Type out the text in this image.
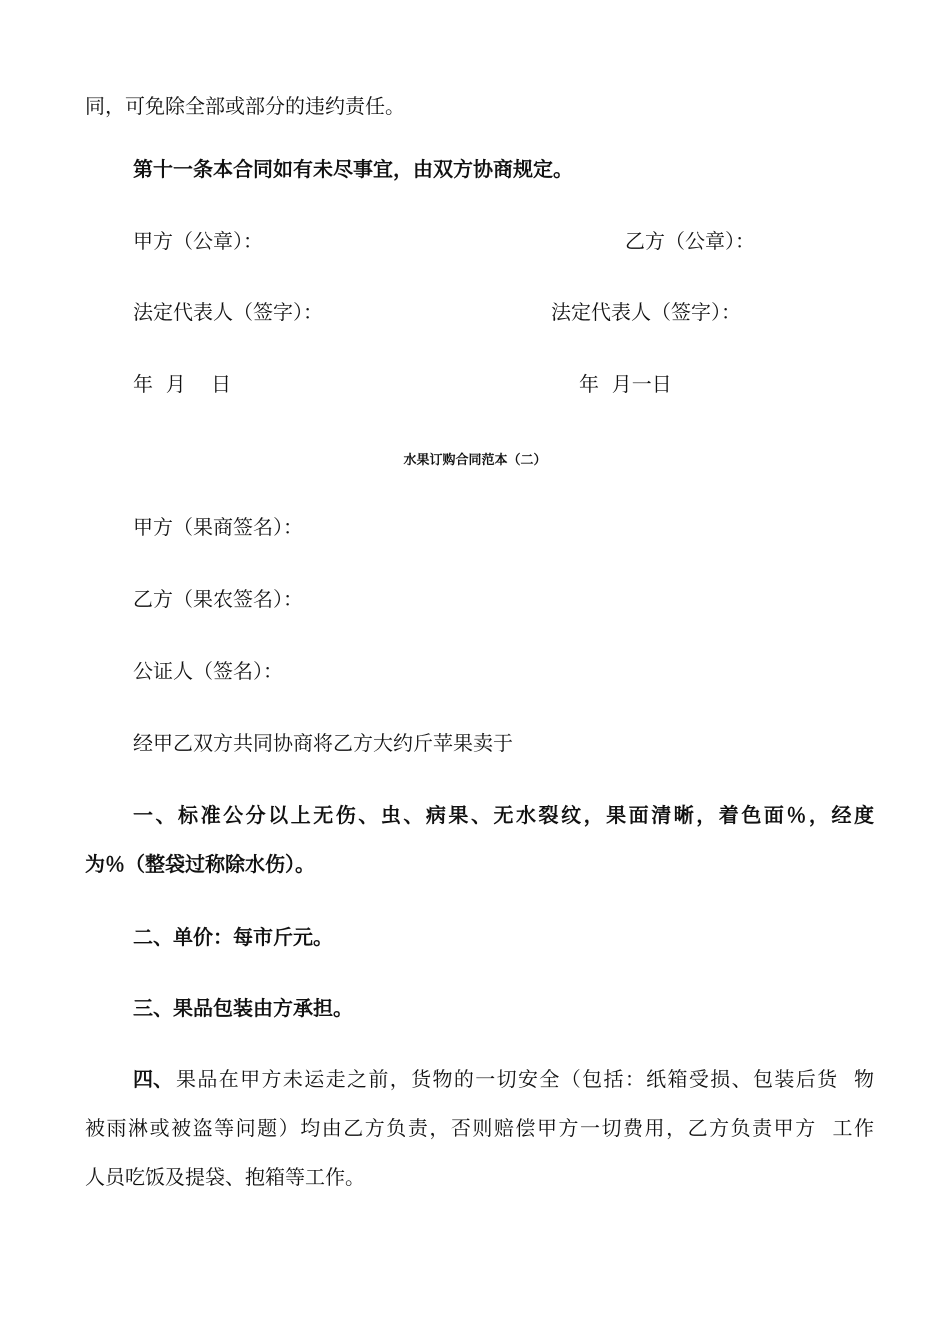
同，可免除全部或部分的违约责任。
第十一条本合同如有未尽事宜，由双方协商规定。
甲方（公章）：	乙方（公章）：
法定代表人（签字）：	法定代表人（签字）：
年  月    日	年  月一日
水果订购合同范本（二）
甲方（果商签名）：
乙方（果农签名）：
公证人（签名）：
经甲乙双方共同协商将乙方大约斤苹果卖于
一、标准公分以上无伤、虫、病果、无水裂纹，果面清晰，着色面％，经度
为％（整袋过称除水伤）。
二、单价：每市斤元。
三、果品包装由方承担。
四、 果品在甲方未运走之前，货物的一切安全（包括：纸箱受损、包装后货  物
被雨淋或被盗等问题）均由乙方负责，否则赔偿甲方一切费用，乙方负责甲方  工作
人员吃饭及提袋、抱箱等工作。
